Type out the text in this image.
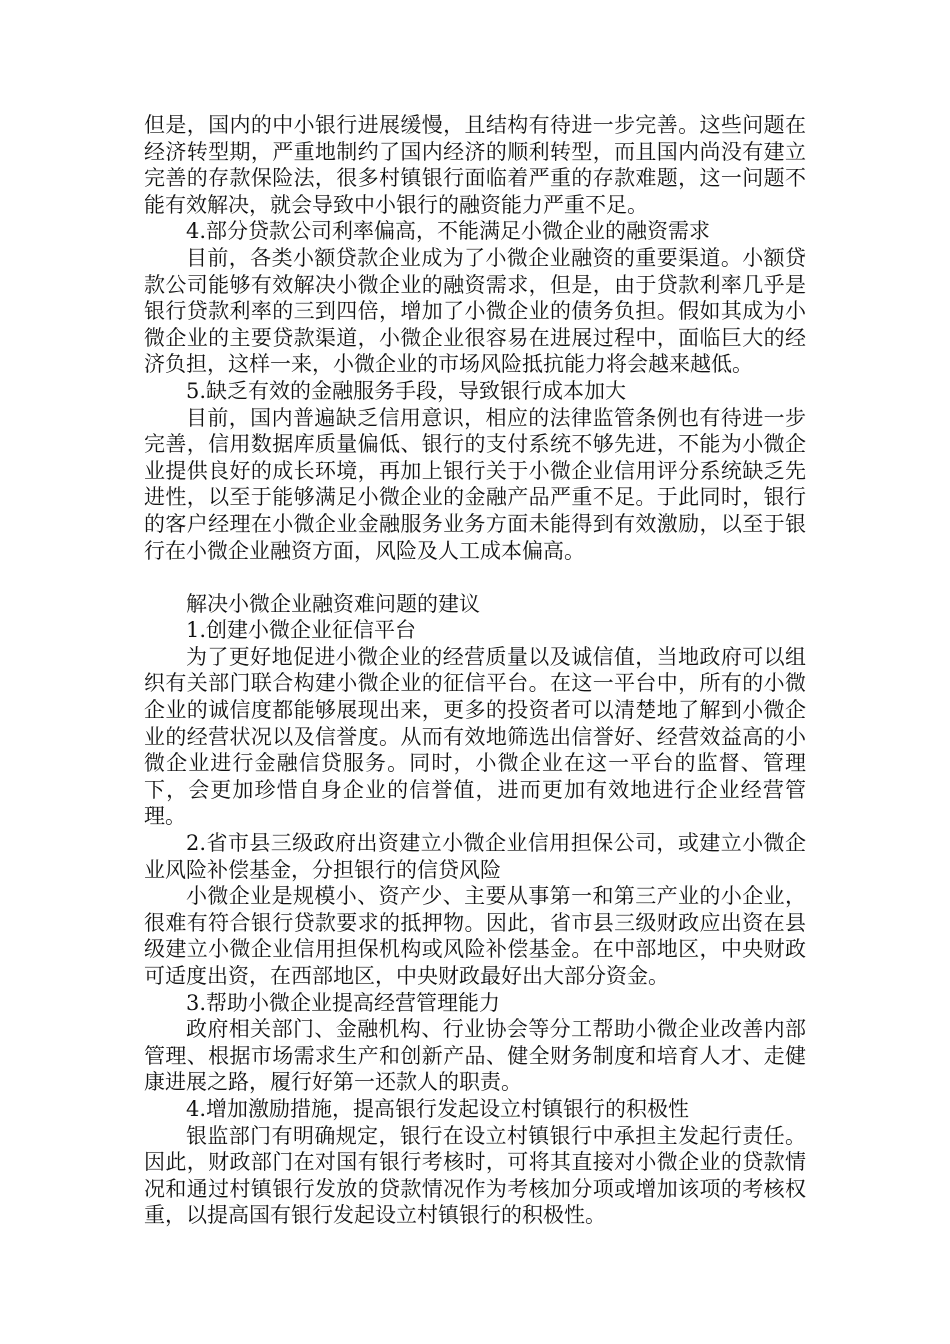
但是，国内的中小银行进展缓慢，且结构有待进一步完善。这些问题在经济转型期，严重地制约了国内经济的顺利转型，而且国内尚没有建立完善的存款保险法，很多村镇银行面临着严重的存款难题，这一问题不能有效解决，就会导致中小银行的融资能力严重不足。

4.部分贷款公司利率偏高，不能满足小微企业的融资需求

目前，各类小额贷款企业成为了小微企业融资的重要渠道。小额贷款公司能够有效解决小微企业的融资需求，但是，由于贷款利率几乎是银行贷款利率的三到四倍，增加了小微企业的债务负担。假如其成为小微企业的主要贷款渠道，小微企业很容易在进展过程中，面临巨大的经济负担，这样一来，小微企业的市场风险抵抗能力将会越来越低。

5.缺乏有效的金融服务手段，导致银行成本加大

目前，国内普遍缺乏信用意识，相应的法律监管条例也有待进一步完善，信用数据库质量偏低、银行的支付系统不够先进，不能为小微企业提供良好的成长环境，再加上银行关于小微企业信用评分系统缺乏先进性，以至于能够满足小微企业的金融产品严重不足。于此同时，银行的客户经理在小微企业金融服务业务方面未能得到有效激励，以至于银行在小微企业融资方面，风险及人工成本偏高。

解决小微企业融资难问题的建议

1.创建小微企业征信平台

为了更好地促进小微企业的经营质量以及诚信值，当地政府可以组织有关部门联合构建小微企业的征信平台。在这一平台中，所有的小微企业的诚信度都能够展现出来，更多的投资者可以清楚地了解到小微企业的经营状况以及信誉度。从而有效地筛选出信誉好、经营效益高的小微企业进行金融信贷服务。同时，小微企业在这一平台的监督、管理下，会更加珍惜自身企业的信誉值，进而更加有效地进行企业经营管理。

2.省市县三级政府出资建立小微企业信用担保公司，或建立小微企业风险补偿基金，分担银行的信贷风险

小微企业是规模小、资产少、主要从事第一和第三产业的小企业，很难有符合银行贷款要求的抵押物。因此，省市县三级财政应出资在县级建立小微企业信用担保机构或风险补偿基金。在中部地区，中央财政可适度出资，在西部地区，中央财政最好出大部分资金。

3.帮助小微企业提高经营管理能力

政府相关部门、金融机构、行业协会等分工帮助小微企业改善内部管理、根据市场需求生产和创新产品、健全财务制度和培育人才、走健康进展之路，履行好第一还款人的职责。

4.增加激励措施，提高银行发起设立村镇银行的积极性

银监部门有明确规定，银行在设立村镇银行中承担主发起行责任。因此，财政部门在对国有银行考核时，可将其直接对小微企业的贷款情况和通过村镇银行发放的贷款情况作为考核加分项或增加该项的考核权重，以提高国有银行发起设立村镇银行的积极性。
